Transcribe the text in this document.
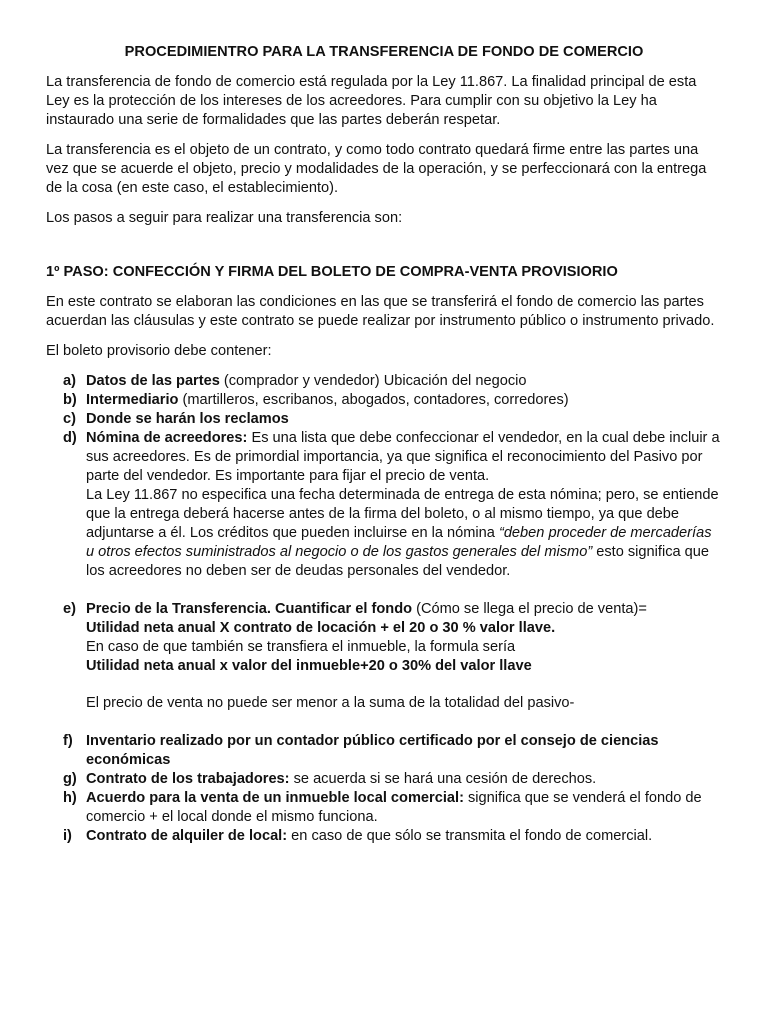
PROCEDIMIENTRO PARA LA TRANSFERENCIA DE FONDO DE COMERCIO

La transferencia de fondo de comercio está regulada por la Ley 11.867. La finalidad principal de esta Ley es la protección de los intereses de los acreedores. Para cumplir con su objetivo la Ley ha instaurado una serie de formalidades que las partes deberán respetar.

La transferencia es el objeto de un contrato, y como todo contrato quedará firme entre las partes una vez que se acuerde el objeto, precio y modalidades de la operación, y se perfeccionará con la entrega de la cosa (en este caso, el establecimiento).

Los pasos a seguir para realizar una transferencia son:

1º PASO: CONFECCIÓN Y FIRMA DEL BOLETO DE COMPRA-VENTA PROVISIORIO

En este contrato se elaboran las condiciones en las que se transferirá el fondo de comercio las partes acuerdan las cláusulas y este contrato se puede realizar por instrumento público o instrumento privado.

El boleto provisorio debe contener:

a) Datos de las partes (comprador y vendedor) Ubicación del negocio
b) Intermediario (martilleros, escribanos, abogados, contadores, corredores)
c) Donde se harán los reclamos
d) Nómina de acreedores: Es una lista que debe confeccionar el vendedor, en la cual debe incluir a sus acreedores. Es de primordial importancia, ya que significa el reconocimiento del Pasivo por parte del vendedor. Es importante para fijar el precio de venta.
La Ley 11.867 no especifica una fecha determinada de entrega de esta nómina; pero, se entiende que la entrega deberá hacerse antes de la firma del boleto, o al mismo tiempo, ya que debe adjuntarse a él. Los créditos que pueden incluirse en la nómina “deben proceder de mercaderías u otros efectos suministrados al negocio o de los gastos generales del mismo” esto significa que los acreedores no deben ser de deudas personales del vendedor.
e) Precio de la Transferencia. Cuantificar el fondo (Cómo se llega el precio de venta)=
Utilidad neta anual X contrato de locación + el 20 o 30 % valor llave.
En caso de que también se transfiera el inmueble, la formula sería
Utilidad neta anual x valor del inmueble+20 o 30% del valor llave
El precio de venta no puede ser menor a la suma de la totalidad del pasivo-
f) Inventario realizado por un contador público certificado por el consejo de ciencias económicas
g) Contrato de los trabajadores: se acuerda si se hará una cesión de derechos.
h) Acuerdo para la venta de un inmueble local comercial: significa que se venderá el fondo de comercio + el local donde el mismo funciona.
i) Contrato de alquiler de local: en caso de que sólo se transmita el fondo de comercial.
